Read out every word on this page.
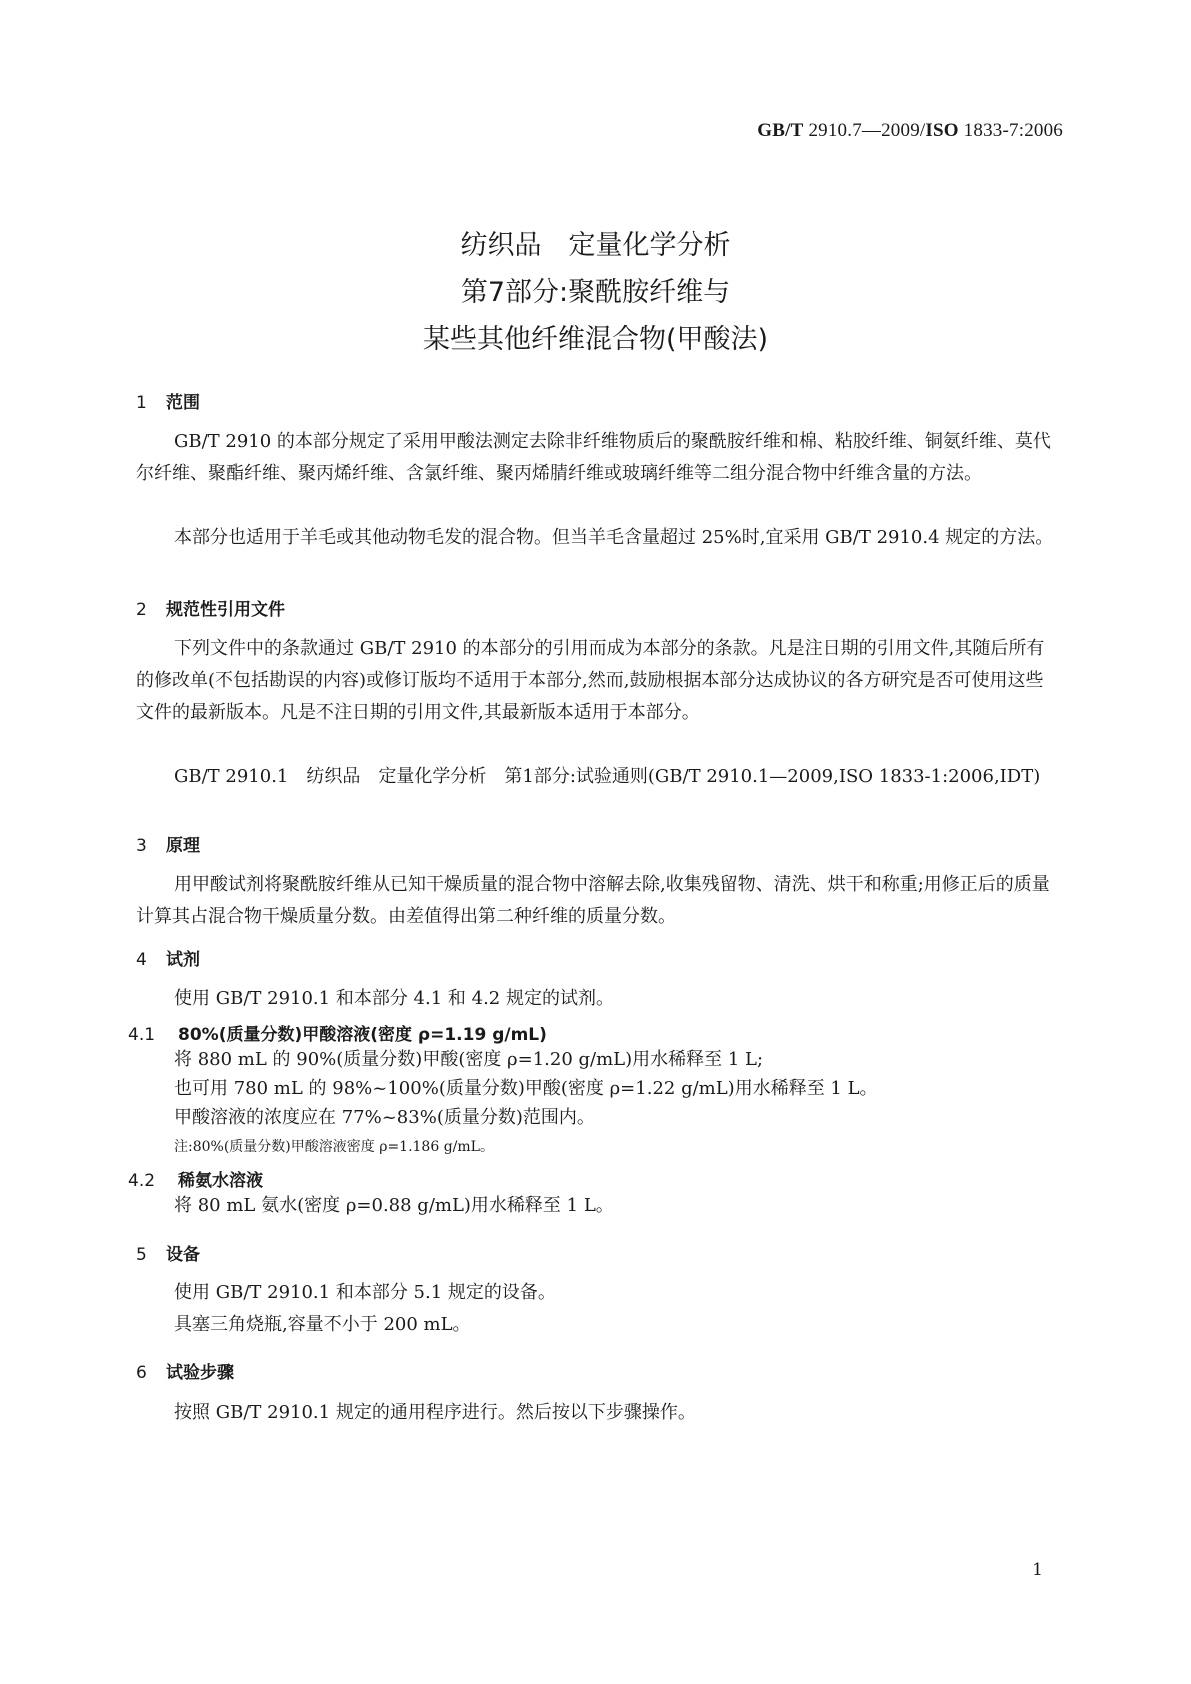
GB/T 2910.7—2009/ISO 1833-7:2006
纺织品　定量化学分析
第7部分:聚酰胺纤维与
某些其他纤维混合物(甲酸法)
1 范围
GB/T 2910 的本部分规定了采用甲酸法测定去除非纤维物质后的聚酰胺纤维和棉、粘胶纤维、铜氨纤维、莫代尔纤维、聚酯纤维、聚丙烯纤维、含氯纤维、聚丙烯腈纤维或玻璃纤维等二组分混合物中纤维含量的方法。
本部分也适用于羊毛或其他动物毛发的混合物。但当羊毛含量超过 25%时,宜采用 GB/T 2910.4 规定的方法。
2 规范性引用文件
下列文件中的条款通过 GB/T 2910 的本部分的引用而成为本部分的条款。凡是注日期的引用文件,其随后所有的修改单(不包括勘误的内容)或修订版均不适用于本部分,然而,鼓励根据本部分达成协议的各方研究是否可使用这些文件的最新版本。凡是不注日期的引用文件,其最新版本适用于本部分。
GB/T 2910.1　纺织品　定量化学分析　第1部分:试验通则(GB/T 2910.1—2009,ISO 1833-1:2006,IDT)
3 原理
用甲酸试剂将聚酰胺纤维从已知干燥质量的混合物中溶解去除,收集残留物、清洗、烘干和称重;用修正后的质量计算其占混合物干燥质量分数。由差值得出第二种纤维的质量分数。
4 试剂
使用 GB/T 2910.1 和本部分 4.1 和 4.2 规定的试剂。
4.1 80%(质量分数)甲酸溶液(密度 ρ=1.19 g/mL)
将 880 mL 的 90%(质量分数)甲酸(密度 ρ=1.20 g/mL)用水稀释至 1 L;
也可用 780 mL 的 98%~100%(质量分数)甲酸(密度 ρ=1.22 g/mL)用水稀释至 1 L。
甲酸溶液的浓度应在 77%~83%(质量分数)范围内。
注:80%(质量分数)甲酸溶液密度 ρ=1.186 g/mL。
4.2 稀氨水溶液
将 80 mL 氨水(密度 ρ=0.88 g/mL)用水稀释至 1 L。
5 设备
使用 GB/T 2910.1 和本部分 5.1 规定的设备。
具塞三角烧瓶,容量不小于 200 mL。
6 试验步骤
按照 GB/T 2910.1 规定的通用程序进行。然后按以下步骤操作。
1
